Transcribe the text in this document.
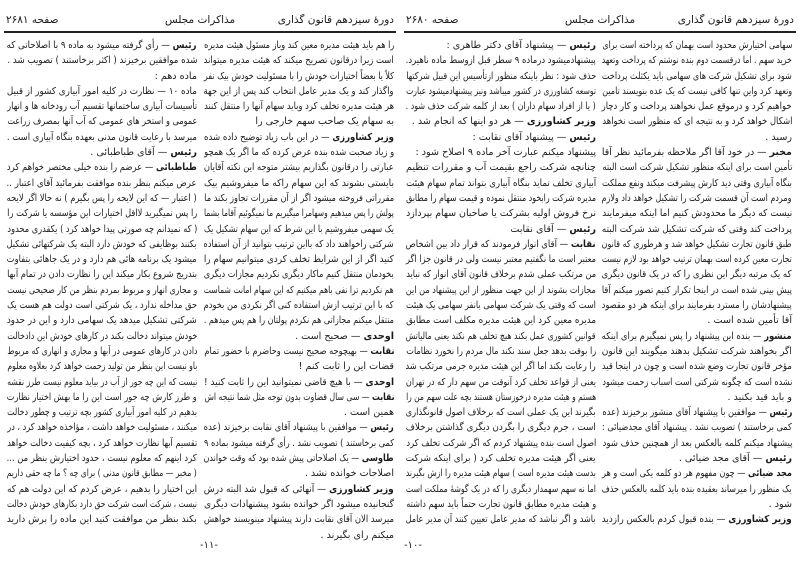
دورهٔ سیزدهم قانون گذاری
مذاکرات مجلس
صفحه ۲۶۸۱
را هم باید هیئت مدیره معین کند وباز مسئول هیئت مدیره
است زیرا درقانون تصریح میکند که هیئت مدیره میتواند
کلاً یا بعضاً اختیارات خودش را با مسئولیت خودش بیک نفر
واگذار کند و یک مدیر عامل انتخاب کند پس از این جهة
هر هیئت مدیره تخلف کرد وباید سهام آنها را منتقل کنند
به سهام یک صاحب سهم خارجی را
وزیر کشاورزی — در این باب زیاد توضیح داده شده
و زیاد صحبت شده بنده عرض کرده که ما اگر یک همچو
عبارتی را درقانون بگذاریم بیشتر متوجه این نکته آقایان
بایستی بشوند که این سهام راکه ما میفروشیم بیک
مقرراتی فروخته میشود اگر از آن مقررات تجاوز بکند ما
پولش را پس میدهیم وسهامرا میگیریم ما نمیگوئیم آقاما بشما
یک سهمی میفروشیم با این شرط که این سهام تشکیل یک
شرکتی راخواهند داد که بااین ترتیب بتوانید از آن استفاده
کنید اگر از این شرایط تخلف کردی میتوانیم سهام را
بخودمان منتقل کنیم ماکار دیگری نکردیم مجازات دیگری
هم نکردیم ترا نفی باهم میکنیم که این سهام امانت شماست
که با این ترتیب ازش استفاده کنی اگر نکردی من بخودم
منتقل میکنم مجازاتی هم نکردم پولتان را هم پس میدهم .
اوحدی — صحیح است .
نقابت — بهیچوجه صحیح نیست وحاضرم با حضور تمام
قضات این را ثابت کنم !
اوحدی — با هیچ قاضی نمیتوانید این را ثابت کنید !
نقابت — سی سال قضاوت بدون توجه مثل شما نتیجه اش
همین است .
رئیس — موافقین با پیشنهاد آقای نقابت برخیزند (عده
کمی برخاستند ) تصویب نشد . رأی گرفته میشود بماده ۹
طاوسی — یک اصلاحاتی پیش شده بود که وقت خواندن
اصلاحات خوانده نشد .
وزیر کشاورزی — آنهائی که قبول شد البته درش
گنجانیده میشود اگر خوانده بشود پیشنهادات دیگری
میرسد الان آقای نقابت دارند پیشنهاد مینویسند خواهش
میکنم رای بگیرند .
رئیس — رأی گرفته میشود به ماده ۹ با اصلاحاتی که
شده موافقین برخیزند ( اکثر برخاستند ) تصویب شد .
ماده دهم :
ماده ۱۰ — نظارت در کلیه امور آبیاری کشور از قبیل
تأسیسات آبیاری ساختمانها تقسیم آب رودخانه ها و انهار
عمومی و استخر های عمومی که آب آنها بمصرف زراعت
میرسد با رعایت قانون مدنی بعهده بنگاه آبیاری است .
رئیس — آقای طباطبائی .
طباطبائی — عرضم را بنده خیلی مختصر خواهم کرد
عرض میکنم بنظر بنده موافقت بفرمائید آقای اعتبار ..
( اعتبار — که این لایحه را پس بگیرم ) نه حالا اگر لایحه
را پس نمیگیرید لااقل اختیارات این مؤسسه یا شرکت را
( که نمیدانم چه صورتی پیدا خواهد کرد ) یکقدری محدود
بکنند بوظایفی که خودش دارد البته یک شرکتهائی تشکیل
میشود یک برنامه هائی هم دارد و در یک جاهائی بتفاوت
بتدریج شروع بکار میکند این را نظارت دادن در تمام آبها
و مجاری انهار و مربوط بمردم بنظر من کار صحیحی نیست
حق مداخله ندارد ، یک شرکتی است دولت هم هست یک
شرکتی تشکیل میدهد یک سهامی دارد و این در حدود
خودش میتواند دخالت بکند در کارهای خودش این دادخالت
دادن در کارهای عمومی در آبها و مجاری و انهاری که مربوط
باو نیست این بنظر من تولید زحمت خواهد کرد بعلاوه معلوم
نیست که این چه جور از آب در بیاید معلوم نیست طرز نقشه
و طرز کارش چه جور است این را ما بهش اختیار نظارت
بدهیم در کلیه امور آبیاری کشور بچه ترتیب و چطور دخالت
میکنند ، مسئولیت خواهد داشت ، مؤاخذه خواهد کرد ، در
تقسیم آبها نظارت خواهد کرد ، بچه کیفیت دخالت خواهد
کرد اینهم که معلوم نیست ، حدود اختیارش بنظر من ...
( مخبر — مطابق قانون مدنی ) برای چه ؟ ما چه حقی داریم
این اختیار را بدهیم ، عرض کردم که این دولت هم که
نیست ، شرکت است شرکت حق دارد بکارهای خودش دخالت
بکند بنظر من موافقت کنید این ماده را برش دارید
-۱۱-
دورهٔ سیزدهم قانون گذاری
مذاکرات مجلس
صفحه ۲۶۸۰
سهامی اختیارش محدود است بهمان که پرداخته است برای
خرید سهم . اما درقسمت دوم بنده نوشتم که پرداخت وتعهد
شود برای تشکیل شرکت های سهامی باید یکثلث پرداخت
وتعهد کرد واین تنها کافی نیست که یک عده بنویسند تامین
خواهیم کرد و درموقع عمل نخواهند پرداخت و کار دچار
اشکال خواهد کرد و به نتیجه ای که منظور است نخواهد
رسید .
مخبر — در خود آقا اگر ملاحظه بفرمائید نظر آقا
تأمین است برای اینکه منظور تشکیل شرکت است البته
بنگاه آبیاری وقتی دید کارش پیشرفت میکند ونفع مملکت
ومردم است آن قسمت شرکت را تشکیل خواهد داد ولازم
نیست که دیگر ما محدودش کنیم اما اینکه میفرمایند
پرداخت کند وقتی که شرکت تشکیل شد شرکت البته
طبق قانون تجارت تشکیل خواهد شد و هرطوری که قانون
تجارت معین کرده است بهمان ترتیب خواهد بود لازم نیست
که یک مرتبه دیگر این نظری را که در یک قانون دیگری
پیش بینی شده است در اینجا تکرار کنیم تصور میکنم آقا
پیشنهادشان را مسترد بفرمایند برای اینکه هر دو مقصود
آقا تأمین شده است .
منشور — بنده این پیشنهاد را پس نمیگیرم برای اینکه
اگر بخواهند شرکت تشکیل بدهند میگویند این قانون
مؤخر قانون تجارت وضع شده است و چون در اینجا قید
نشده است که چگونه شرکتی است اسباب زحمت میشود
و باید قید بکنید .
رئیس — موافقین با پیشنهاد آقای منشور برخیزند (عده
کمی برخاستند ) تصویب نشد . پیشنهاد آقای مجدضیائی :
پیشنهاد میکنم کلمه بالعکس بعد از همچنین حذف شود
رئیس — آقای مجد ضیائی .
مجد ضیائی — چون مفهوم هر دو کلمه یکی است و هر
یک منظور را میرساند بعقیده بنده باید کلمه بالعکس حذف
شود .
وزیر کشاورزی — بنده قبول کردم بالعکس رازدید
رئیس — پیشنهاد آقای دکتر طاهری :
پیشنهادمیشود درماده ۹ سطر قبل ازوسط ماده ناهیرد.
حذف شود : نظر باینکه منظور ازتأسیس این قبیل شرکتها
توسعه کشاورزی در کشور میباشد ونیز پیشنهادمیشود عبارت
( یا از افراد سهام داران ) بعد از کلمه شرکت حذف شود .
وزیر کشاورزی — هر دو اینها که انجام شد .
رئیس — پیشنهاد آقای نقابت :
پیشنهاد میکنم عبارت آخر ماده ۹ اصلاح شود :
چنانچه شرکت راجع بقیمت آب و مقررات تنظیم
آبیاری تخلف نماید بنگاه آبیاری بتواند تمام سهام هیئت
مدیره شرکت رابخود منتقل نموده و قیمت سهام را مطابق
نرخ فروش اولیه بشرکت یا صاحبان سهام بپردازد
رئیس — آقای نقابت
نقابت — آقای انوار فرمودند که قرار داد بین اشخاص
معتبر است ما نگفتیم معتبر نیست ولی در قانون جزا اگر
من مرتکب عملی شدم برخلاف قانون آقای انوار که نباید
مجازات بشوند از این جهت منظور از این پیشنهاد من این
است که وقتی یک شرکت سهامی بانفر سهامی یک هیئت
مدیره معین کرد این هیئت مدیره مکلف است مطابق
قوانین کشوری عمل بکند هیچ تخلف هم نکند یعنی مالیاتش
را بوقت بدهد جعل سند نکند مال مردم را نخورد نظامات
را رعایت بکند اما اگر این هیئت مدیره جرمی مرتکب شد
یعنی از قواعد تخلف کرد آنوقت من سهم دار که در تهران
هستم و هیئت مدیره درخوزستان هستند بچه علت سهم من را
بگیرند این یک عملی است که برخلاف اصول قانونگذاری
است ، جرم دیگری را بگردن دیگری گذاشتن برخلاف
اصول است بنده پیشنهاد کردم که اگر شرکت تخلف کرد
یعنی اگر هیئت مدیره تخلف کرد ( برای اینکه شرکت
بدست هیئت مدیره است ) سهام هیئت مدیره را ازش بگیرند
اما نه سهم سهمدار دیگری را که در یک گوشهٔ مملکت است
و هیئت مدیره مطابق قانون تجارت حتماً باید سهم داشته
باشد و اگر نباشد که مدیر عامل تعیین کنند آن مدیر عامل
-۱۰-
